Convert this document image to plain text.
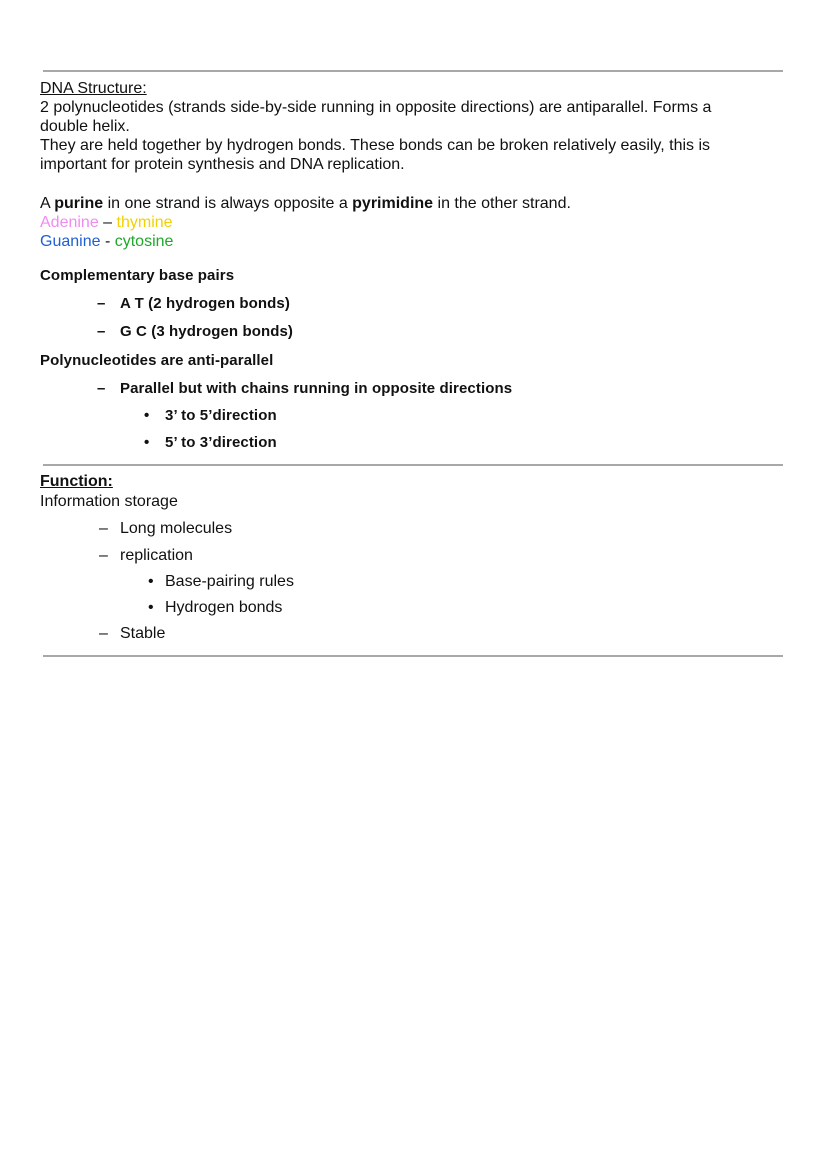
DNA Structure:
2 polynucleotides (strands side-by-side running in opposite directions) are antiparallel. Forms a
double helix.
They are held together by hydrogen bonds. These bonds can be broken relatively easily, this is
important for protein synthesis and DNA replication.
A purine in one strand is always opposite a pyrimidine in the other strand.
Adenine – thymine
Guanine - cytosine
Complementary base pairs
– A T (2 hydrogen bonds)
– G C (3 hydrogen bonds)
Polynucleotides are anti-parallel
– Parallel but with chains running in opposite directions
• 3’ to 5’direction
• 5’ to 3’direction
Function:
Information storage
– Long molecules
– replication
• Base-pairing rules
• Hydrogen bonds
– Stable
